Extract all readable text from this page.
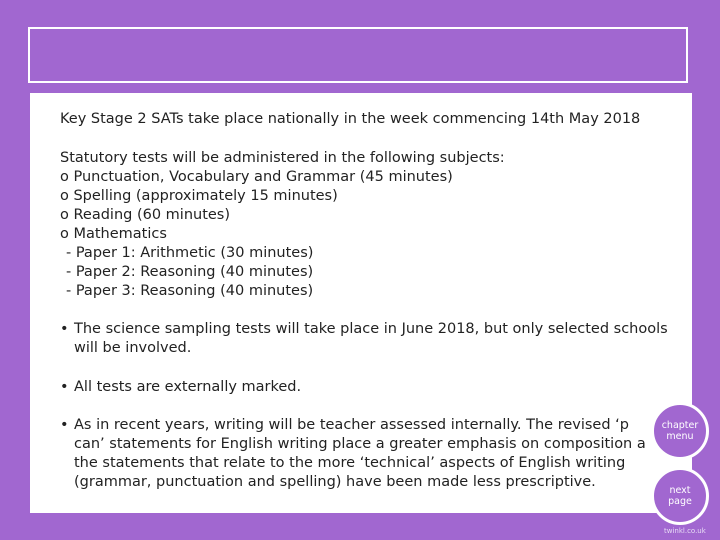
Key Stage 2 SATs take place nationally in the week commencing 14th May 2018
Statutory tests will be administered in the following subjects:
o Punctuation, Vocabulary and Grammar (45 minutes)
o Spelling (approximately 15 minutes)
o Reading (60 minutes)
o Mathematics
- Paper 1: Arithmetic (30 minutes)
- Paper 2: Reasoning (40 minutes)
- Paper 3: Reasoning (40 minutes)
• The science sampling tests will take place in June 2018, but only selected schools
will be involved.
• All tests are externally marked.
• As in recent years, writing will be teacher assessed internally. The revised ‘p
can’ statements for English writing place a greater emphasis on composition a
the statements that relate to the more ‘technical’ aspects of English writing
(grammar, punctuation and spelling) have been made less prescriptive.
chapter menu
next page
twinkl.co.uk
